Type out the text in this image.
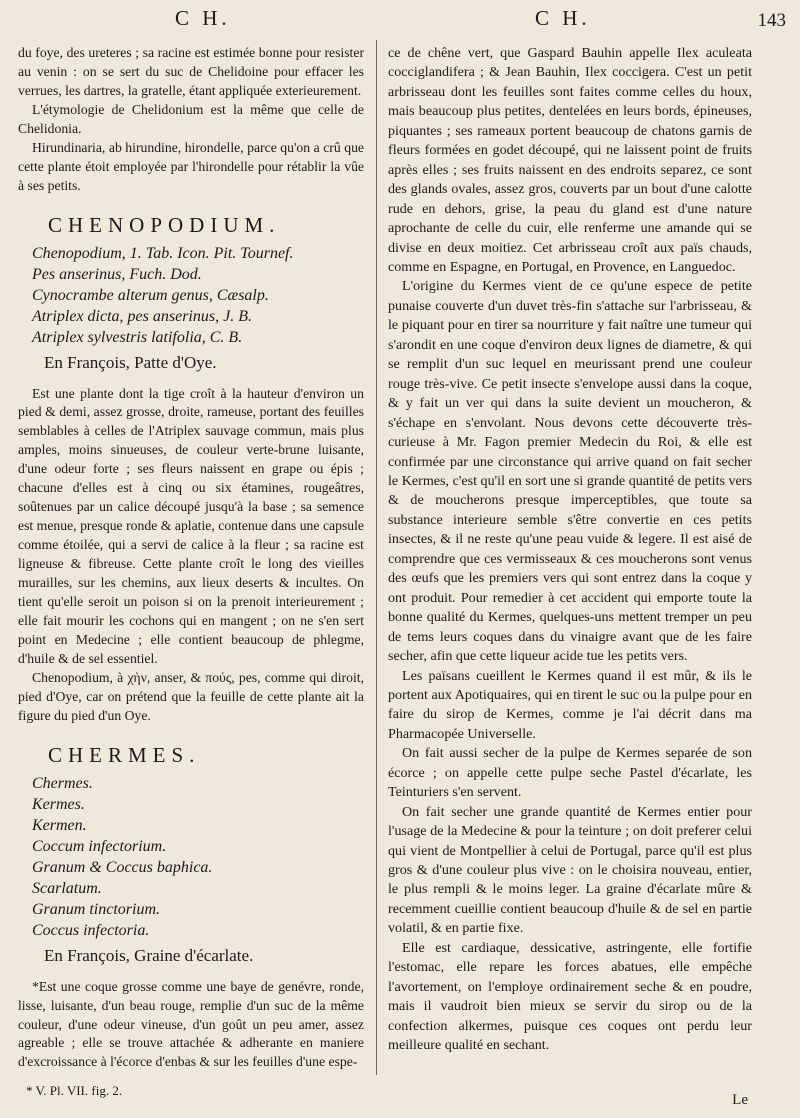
C H.	C H.	143

du foye, des ureteres ; sa racine est estimée bonne pour resister au venin : on se sert du suc de Chelidoine pour effacer les verrues, les dartres, la gratelle, étant appliquée exterieurement.

L'étymologie de Chelidonium est la même que celle de Chelidonia.

Hirundinaria, ab hirundine, hirondelle, parce qu'on a crû que cette plante étoit employée par l'hirondelle pour rétablir la vûe à ses petits.

CHENOPODIUM.

Chenopodium, 1. Tab. Icon. Pit. Tournef.

Pes anserinus, Fuch. Dod.

Cynocrambe alterum genus, Cæsalp.

Atriplex dicta, pes anserinus, J. B.

Atriplex sylvestris latifolia, C. B.

En François, Patte d'Oye.

Est une plante dont la tige croît à la hauteur d'environ un pied & demi, assez grosse, droite, rameuse, portant des feuilles semblables à celles de l'Atriplex sauvage commun, mais plus amples, moins sinueuses, de couleur verte-brune luisante, d'une odeur forte ; ses fleurs naissent en grape ou épis ; chacune d'elles est à cinq ou six étamines, rougeâtres, soûtenues par un calice découpé jusqu'à la base ; sa semence est menue, presque ronde & aplatie, contenue dans une capsule comme étoilée, qui a servi de calice à la fleur ; sa racine est ligneuse & fibreuse. Cette plante croît le long des vieilles murailles, sur les chemins, aux lieux deserts & incultes. On tient qu'elle seroit un poison si on la prenoit interieurement ; elle fait mourir les cochons qui en mangent ; on ne s'en sert point en Medecine ; elle contient beaucoup de phlegme, d'huile & de sel essentiel.

Chenopodium, à χὴν, anser, & πούς, pes, comme qui diroit, pied d'Oye, car on prétend que la feuille de cette plante ait la figure du pied d'un Oye.

CHERMES.

Chermes.

Kermes.

Kermen.

Coccum infectorium.

Granum & Coccus baphica.

Scarlatum.

Granum tinctorium.

Coccus infectoria.

En François, Graine d'écarlate.

*Est une coque grosse comme une baye de genévre, ronde, lisse, luisante, d'un beau rouge, remplie d'un suc de la même couleur, d'une odeur vineuse, d'un goût un peu amer, assez agreable ; elle se trouve attachée & adherante en maniere d'excroissance à l'écorce d'enbas & sur les feuilles d'une espe-

ce de chêne vert, que Gaspard Bauhin appelle Ilex aculeata cocciglandifera ; & Jean Bauhin, Ilex coccigera. C'est un petit arbrisseau dont les feuilles sont faites comme celles du houx, mais beaucoup plus petites, dentelées en leurs bords, épineuses, piquantes ; ses rameaux portent beaucoup de chatons garnis de fleurs formées en godet découpé, qui ne laissent point de fruits après elles ; ses fruits naissent en des endroits separez, ce sont des glands ovales, assez gros, couverts par un bout d'une calotte rude en dehors, grise, la peau du gland est d'une nature aprochante de celle du cuir, elle renferme une amande qui se divise en deux moitiez. Cet arbrisseau croît aux païs chauds, comme en Espagne, en Portugal, en Provence, en Languedoc.

L'origine du Kermes vient de ce qu'une espece de petite punaise couverte d'un duvet très-fin s'attache sur l'arbrisseau, & le piquant pour en tirer sa nourriture y fait naître une tumeur qui s'arondit en une coque d'environ deux lignes de diametre, & qui se remplit d'un suc lequel en meurissant prend une couleur rouge très-vive. Ce petit insecte s'envelope aussi dans la coque, & y fait un ver qui dans la suite devient un moucheron, & s'échape en s'envolant. Nous devons cette découverte très-curieuse à Mr. Fagon premier Medecin du Roi, & elle est confirmée par une circonstance qui arrive quand on fait secher le Kermes, c'est qu'il en sort une si grande quantité de petits vers & de moucherons presque imperceptibles, que toute sa substance interieure semble s'être convertie en ces petits insectes, & il ne reste qu'une peau vuide & legere. Il est aisé de comprendre que ces vermisseaux & ces moucherons sont venus des œufs que les premiers vers qui sont entrez dans la coque y ont produit. Pour remedier à cet accident qui emporte toute la bonne qualité du Kermes, quelques-uns mettent tremper un peu de tems leurs coques dans du vinaigre avant que de les faire secher, afin que cette liqueur acide tue les petits vers.

Les païsans cueillent le Kermes quand il est mûr, & ils le portent aux Apotiquaires, qui en tirent le suc ou la pulpe pour en faire du sirop de Kermes, comme je l'ai décrit dans ma Pharmacopée Universelle.

On fait aussi secher de la pulpe de Kermes separée de son écorce ; on appelle cette pulpe seche Pastel d'écarlate, les Teinturiers s'en servent.

On fait secher une grande quantité de Kermes entier pour l'usage de la Medecine & pour la teinture ; on doit preferer celui qui vient de Montpellier à celui de Portugal, parce qu'il est plus gros & d'une couleur plus vive : on le choisira nouveau, entier, le plus rempli & le moins leger. La graine d'écarlate mûre & recemment cueillie contient beaucoup d'huile & de sel en partie volatil, & en partie fixe.

Elle est cardiaque, dessicative, astringente, elle fortifie l'estomac, elle repare les forces abatues, elle empêche l'avortement, on l'employe ordinairement seche & en poudre, mais il vaudroit bien mieux se servir du sirop ou de la confection alkermes, puisque ces coques ont perdu leur meilleure qualité en sechant.

* V. Pl. VII. fig. 2.
Le
